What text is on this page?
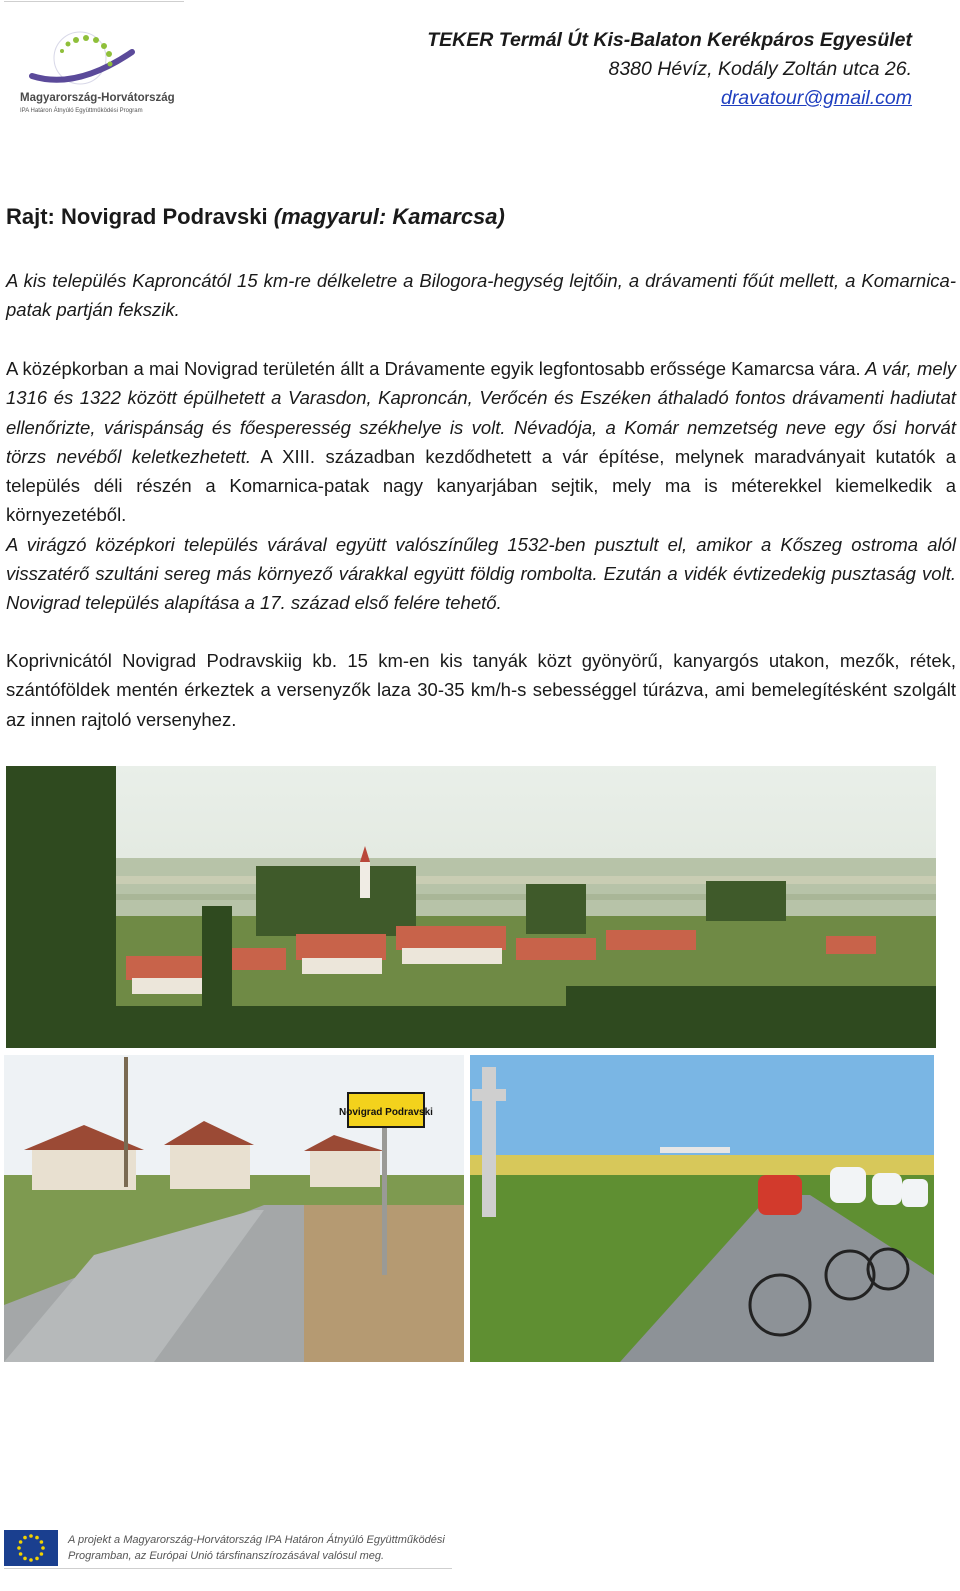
Magyarország-Horvátország
IPA Határon Átnyúló Együttműködési Program
TEKER Termál Út Kis-Balaton Kerékpáros Egyesület
8380 Hévíz, Kodály Zoltán utca 26.
dravatour@gmail.com
Rajt: Novigrad Podravski (magyarul: Kamarcsa)

A kis település Kaproncától 15 km-re délkeletre a Bilogora-hegység lejtőin, a drávamenti főút mellett, a Komarnica-patak partján fekszik.

A középkorban a mai Novigrad területén állt a Drávamente egyik legfontosabb erőssége Kamarcsa vára. A vár, mely 1316 és 1322 között épülhetett a Varasdon, Kaproncán, Verőcén és Eszéken áthaladó fontos drávamenti hadiutat ellenőrizte, várispánság és főesperesség székhelye is volt. Névadója, a Komár nemzetség neve egy ősi horvát törzs nevéből keletkezhetett. A XIII. században kezdődhetett a vár építése, melynek maradványait kutatók a település déli részén a Komarnica-patak nagy kanyarjában sejtik, mely ma is méterekkel kiemelkedik a környezetéből.
A virágzó középkori település várával együtt valószínűleg 1532-ben pusztult el, amikor a Kőszeg ostroma alól visszatérő szultáni sereg más környező várakkal együtt földig rombolta. Ezután a vidék évtizedekig pusztaság volt. Novigrad település alapítása a 17. század első felére tehető.

Koprivnicától Novigrad Podravskiig kb. 15 km-en kis tanyák közt gyönyörű, kanyargós utakon, mezők, rétek, szántóföldek mentén érkeztek a versenyzők laza 30-35 km/h-s sebességgel túrázva, ami bemelegítésként szolgált az innen rajtoló versenyhez.

Novigrad Podravski
A projekt a Magyarország-Horvátország IPA Határon Átnyúló Együttműködési
Programban, az Európai Unió társfinanszírozásával valósul meg.
